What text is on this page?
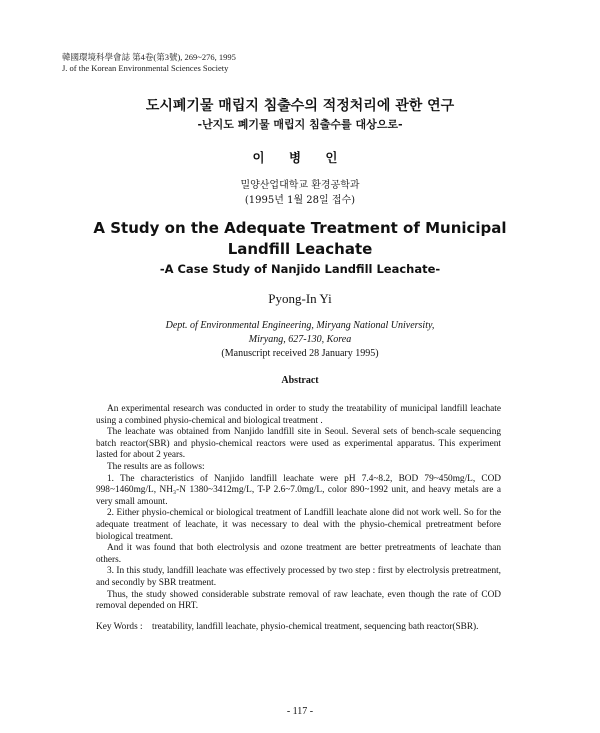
韓國環境科學會誌 第4卷(第3號), 269~276, 1995
J. of the Korean Environmental Sciences Society
도시폐기물 매립지 침출수의 적정처리에 관한 연구
-난지도 폐기물 매립지 침출수를 대상으로-
이 병 인
밀양산업대학교 환경공학과
(1995년 1월 28일 접수)
A Study on the Adequate Treatment of Municipal
Landfill Leachate
-A Case Study of Nanjido Landfill Leachate-
Pyong-In Yi
Dept. of Environmental Engineering, Miryang National University,
Miryang, 627-130, Korea
(Manuscript received 28 January 1995)
Abstract

An experimental research was conducted in order to study the treatability of municipal landfill leachate using a combined physio-chemical and biological treatment .

The leachate was obtained from Nanjido landfill site in Seoul. Several sets of bench-scale sequencing batch reactor(SBR) and physio-chemical reactors were used as experimental apparatus. This experiment lasted for about 2 years.

The results are as follows:

1. The characteristics of Nanjido landfill leachate were pH 7.4~8.2, BOD 79~450mg/L, COD 998~1460mg/L, NH₃-N 1380~3412mg/L, T-P 2.6~7.0mg/L, color 890~1992 unit, and heavy metals are a very small amount.

2. Either physio-chemical or biological treatment of Landfill leachate alone did not work well. So for the adequate treatment of leachate, it was necessary to deal with the physio-chemical pretreatment before biological treatment.

And it was found that both electrolysis and ozone treatment are better pretreatments of leachate than others.

3. In this study, landfill leachate was effectively processed by two step : first by electrolysis pretreatment, and secondly by SBR treatment.

Thus, the study showed considerable substrate removal of raw leachate, even though the rate of COD removal depended on HRT.

Key Words :	treatability, landfill leachate, physio-chemical treatment, sequencing bath reactor(SBR).
- 117 -
